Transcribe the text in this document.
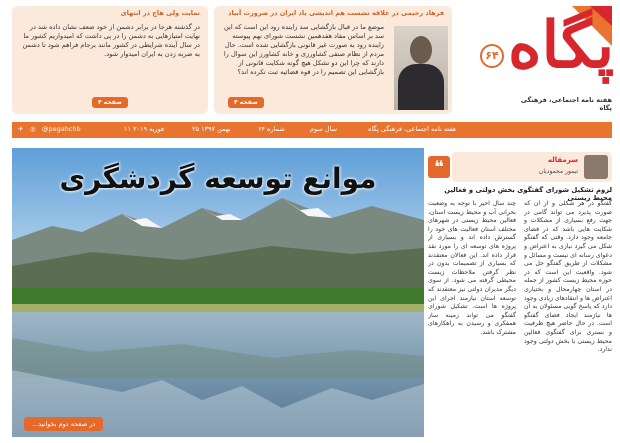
نمایت ولی هاچ در انتهای
در گذشته هرجا در برابر دشمن از خود ضعف نشان داده شد در نهایت امتیازهایی به دشمن را در پی داشت که امیدواریم کشور ما در سال آینده شرایطی در کشور مانند برجام فراهم شود تا دشمن به ضربه زدن به ایران امیدوار شود.
صفحه ۴
فرهاد رحیمی در علاقه نشست هم اندیشی یاد ایران در ضرورت آبیاد
موضع ما در قبال بازگشایی سد زاینده رود این است که این سد بر اساس مفاد هفدهمین نشست شورای نهم پیوسته زاینده رود به صورت غیر قانونی بازگشایی شده است. حال مردم از نظام صنفی کشاورزی و خانه کشاورز این سوال را دارند که چرا این دو تشکل هیچ گونه شکایت قانونی از بازگشایی این تصمیم را در قوه قضائیه ثبت نکرده اند؟
صفحه ۴
۶۴ پگاه
هفته نامه اجتماعی، فرهنگی پگاه
✈ ◎ @pegahchb	۱۱ فوریه ۲۰۱۹	۲۵ بهمن ۱۳۹۷	شماره ۶۴	سال سوم	هفته نامه اجتماعی، فرهنگی پگاه
موانع توسعه گردشگری
در صفحه دوم بخوانید...
❝	سرمقاله
تیمور محمودیان
لزوم تشکیل شورای گفتگوی بخش دولتی و فعالین محیط زیستی
گفتگو در هر شکلی و از آن که صورت پذیرد می تواند گامی در جهت رفع بسیاری از مشکلات و شکایت هایی باشد که در فضای جامعه وجود دارد. وقتی که گفتگو شکل می گیرد نیازی به اعتراض و دعوای رسانه ای نیست و مسائل و مشکلات از طریق گفتگو حل می شود. واقعیت این است که در حوزه محیط زیست کشور از جمله در استان چهارمحال و بختیاری اعتراض ها و انتقادهای زیادی وجود دارد که پاسخ گویی مسئولان به آن ها نیازمند ایجاد فضای گفتگو است. در حال حاضر هیچ ظرفیت و بستری برای گفتگوی فعالین محیط زیستی با بخش دولتی وجود ندارد.
چند سال اخیر با توجه به وضعیت بحرانی آب و محیط زیست استان، فعالین محیط زیستی در شهرهای مختلف استان فعالیت های خود را گسترش داده اند و بسیاری از پروژه های توسعه ای را مورد نقد قرار داده اند. این فعالان معتقدند که بسیاری از تصمیمات بدون در نظر گرفتن ملاحظات زیست محیطی گرفته می شود. از سوی دیگر مدیران دولتی نیز معتقدند که توسعه استان نیازمند اجرای این پروژه ها است. تشکیل شورای گفتگو می تواند زمینه ساز همفکری و رسیدن به راهکارهای مشترک باشد.
